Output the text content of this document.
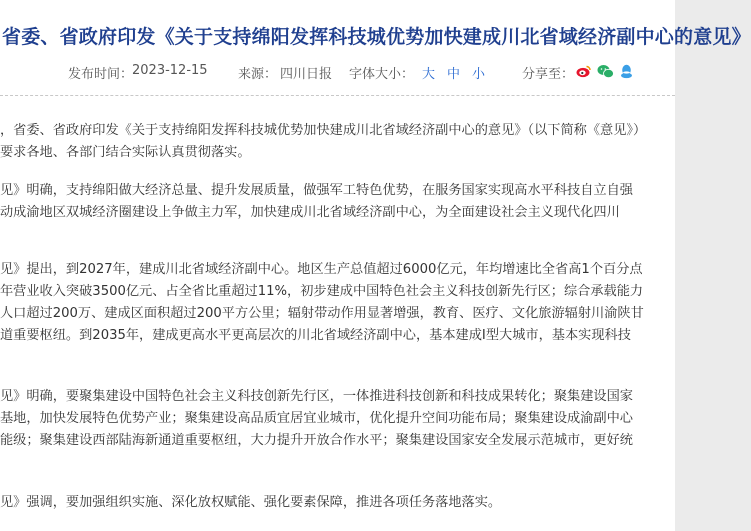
省委、省政府印发《关于支持绵阳发挥科技城优势加快建成川北省域经济副中心的意见》
发布时间：
2023-12-15 来源： 四川日报 字体大小： 大 中 小	分享至：
，省委、省政府印发《关于支持绵阳发挥科技城优势加快建成川北省域经济副中心的意见》（以下简称《意见》）
要求各地、各部门结合实际认真贯彻落实。
见》明确，支持绵阳做大经济总量、提升发展质量，做强军工特色优势，在服务国家实现高水平科技自立自强
动成渝地区双城经济圈建设上争做主力军，加快建成川北省域经济副中心，为全面建设社会主义现代化四川
见》提出，到2027年，建成川北省域经济副中心。地区生产总值超过6000亿元，年均增速比全省高1个百分点
年营业收入突破3500亿元、占全省比重超过11%，初步建成中国特色社会主义科技创新先行区；综合承载能力
人口超过200万、建成区面积超过200平方公里；辐射带动作用显著增强，教育、医疗、文化旅游辐射川渝陕甘
道重要枢纽。到2035年，建成更高水平更高层次的川北省域经济副中心，基本建成Ⅰ型大城市，基本实现科技
见》明确，要聚集建设中国特色社会主义科技创新先行区，一体推进科技创新和科技成果转化；聚集建设国家
基地，加快发展特色优势产业；聚集建设高品质宜居宜业城市，优化提升空间功能布局；聚集建设成渝副中心
能级；聚集建设西部陆海新通道重要枢纽，大力提升开放合作水平；聚集建设国家安全发展示范城市，更好统
见》强调，要加强组织实施、深化放权赋能、强化要素保障，推进各项任务落地落实。
